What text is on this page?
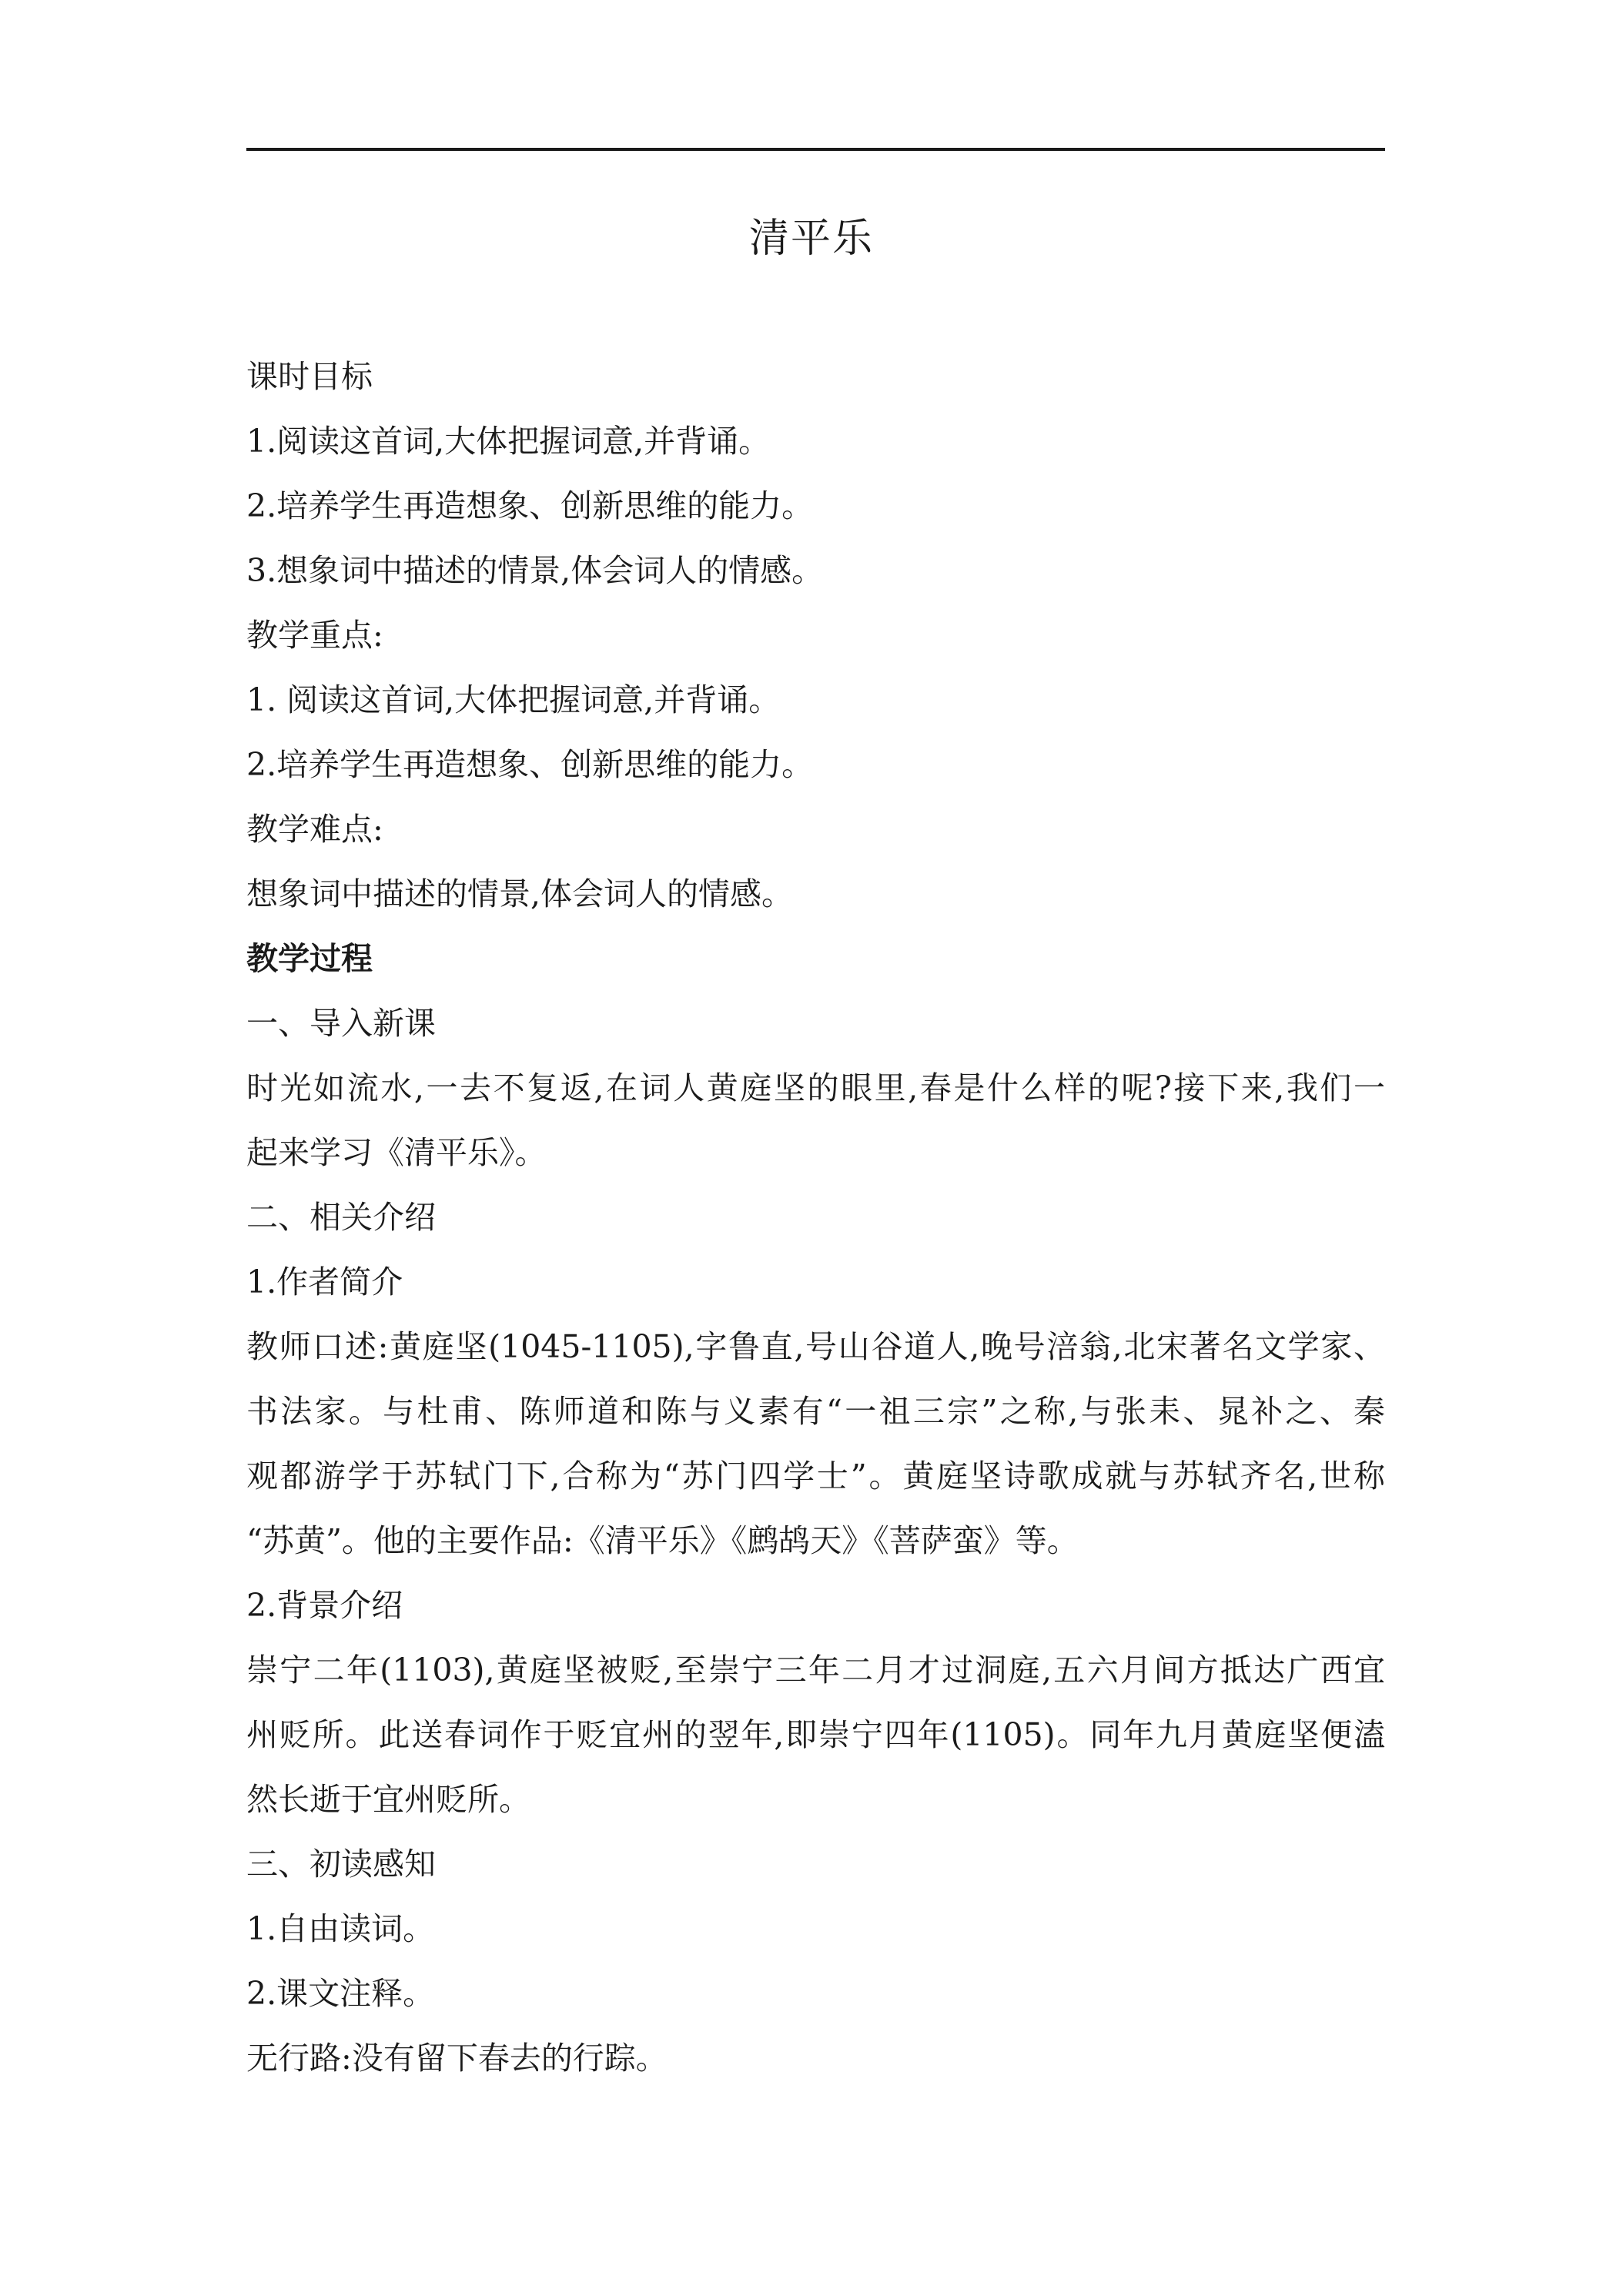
清平乐
课时目标
1.阅读这首词,大体把握词意,并背诵。
2.培养学生再造想象、创新思维的能力。
3.想象词中描述的情景,体会词人的情感。
教学重点:
1. 阅读这首词,大体把握词意,并背诵。
2.培养学生再造想象、创新思维的能力。
教学难点:
想象词中描述的情景,体会词人的情感。
教学过程
一、导入新课
时光如流水,一去不复返,在词人黄庭坚的眼里,春是什么样的呢?接下来,我们一
起来学习《清平乐》。
二、相关介绍
1.作者简介
教师口述:黄庭坚(1045-1105),字鲁直,号山谷道人,晚号涪翁,北宋著名文学家、
书法家。与杜甫、陈师道和陈与义素有“一祖三宗”之称,与张耒、晁补之、秦
观都游学于苏轼门下,合称为“苏门四学士”。黄庭坚诗歌成就与苏轼齐名,世称
“苏黄”。他的主要作品:《清平乐》《鹧鸪天》《菩萨蛮》等。
2.背景介绍
崇宁二年(1103),黄庭坚被贬,至崇宁三年二月才过洞庭,五六月间方抵达广西宜
州贬所。此送春词作于贬宜州的翌年,即崇宁四年(1105)。同年九月黄庭坚便溘
然长逝于宜州贬所。
三、初读感知
1.自由读词。
2.课文注释。
无行路:没有留下春去的行踪。
